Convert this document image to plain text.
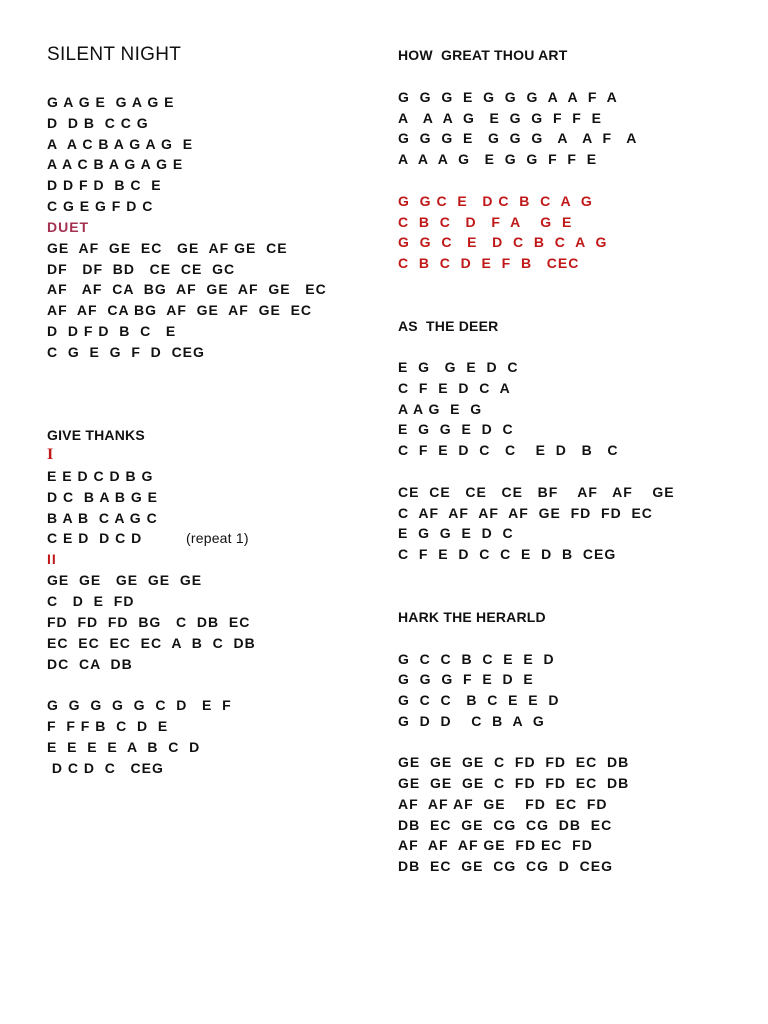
SILENT NIGHT
G A G E  G A G E
D  D B  C C G
A  A C B A G A G  E
A A C B A G A G E
D D F D  B C  E
C G E G F D C
DUET
GE  AF  GE  EC   GE  AF GE  CE
DF   DF  BD   CE  CE  GC
AF   AF  CA  BG  AF  GE  AF  GE   EC
AF  AF  CA BG  AF  GE  AF  GE  EC
D  D F D  B  C   E
C  G  E  G  F  D  CEG
GIVE THANKS
I
E E D C D B G
D C  B A B G E
B A B  C A G C
C E D  D C D	(repeat 1)
II
GE  GE   GE  GE  GE
C   D  E  FD
FD  FD  FD  BG   C  DB  EC
EC  EC  EC  EC  A  B  C  DB
DC  CA  DB
G  G  G  G  G  C  D   E  F
F  F F B  C  D  E
E  E  E  E  A  B  C  D
D C D  C   CEG
HOW  GREAT THOU ART
G  G  G  E  G  G  G  A  A  F  A
A   A  A  G   E  G  G  F  F  E
G  G  G  E   G  G  G   A   A  F   A
A  A  A  G   E  G  G  F  F  E
G  G C  E   D C  B  C  A  G
C  B  C   D   F  A    G  E
G  G  C   E   D  C  B  C  A  G
C  B  C  D  E  F  B   CEC
AS  THE DEER
E  G   G  E  D  C
C  F  E  D  C  A
A A G  E  G
E  G  G  E  D  C
C  F  E  D  C   C    E  D   B   C
CE  CE   CE   CE   BF    AF   AF    GE
C  AF  AF  AF  AF  GE  FD  FD  EC
E  G  G  E  D  C
C  F  E  D  C  C  E  D  B  CEG
HARK THE HERARLD
G  C  C  B  C  E  E  D
G  G  G  F  E  D  E
G  C  C   B  C  E  E  D
G  D  D    C  B  A  G
GE  GE  GE  C  FD  FD  EC  DB
GE  GE  GE  C  FD  FD  EC  DB
AF  AF AF  GE    FD  EC  FD
DB  EC  GE  CG  CG  DB  EC
AF  AF  AF GE  FD EC  FD
DB  EC  GE  CG  CG  D  CEG
